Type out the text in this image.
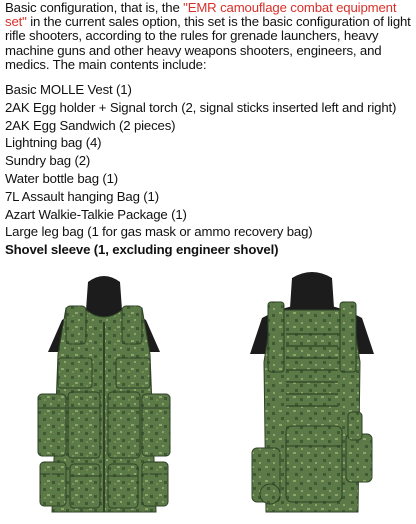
Basic configuration, that is, the "EMR camouflage combat equipment set" in the current sales option, this set is the basic configuration of light rifle shooters, according to the rules for grenade launchers, heavy machine guns and other heavy weapons shooters, engineers, and medics. The main contents include:
Basic MOLLE Vest (1)
2AK Egg holder + Signal torch (2, signal sticks inserted left and right)
2AK Egg Sandwich (2 pieces)
Lightning bag (4)
Sundry bag (2)
Water bottle bag (1)
7L Assault hanging Bag (1)
Azart Walkie-Talkie Package (1)
Large leg bag (1 for gas mask or ammo recovery bag)
Shovel sleeve (1, excluding engineer shovel)
